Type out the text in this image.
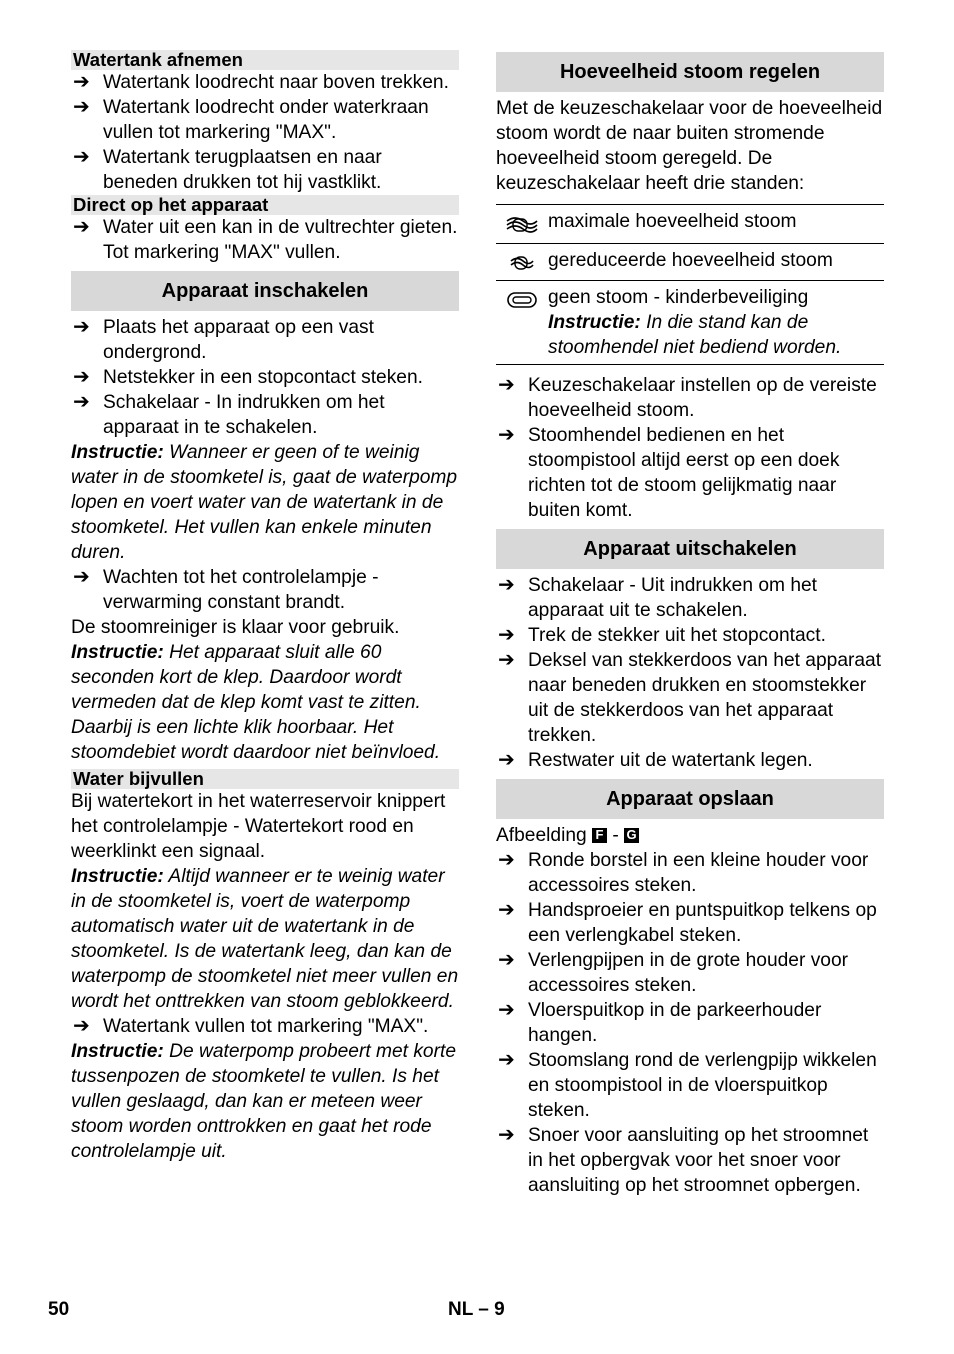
Watertank afnemen

➔ Watertank loodrecht naar boven trekken.

➔ Watertank loodrecht onder waterkraan vullen tot markering "MAX".

➔ Watertank terugplaatsen en naar beneden drukken tot hij vastklikt.

Direct op het apparaat

➔ Water uit een kan in de vultrechter gieten. Tot markering "MAX" vullen.

Apparaat inschakelen

➔ Plaats het apparaat op een vast ondergrond.

➔ Netstekker in een stopcontact steken.

➔ Schakelaar - In indrukken om het apparaat in te schakelen.

Instructie: Wanneer er geen of te weinig water in de stoomketel is, gaat de waterpomp lopen en voert water van de watertank in de stoomketel. Het vullen kan enkele minuten duren.

➔ Wachten tot het controlelampje - verwarming constant brandt.

De stoomreiniger is klaar voor gebruik.

Instructie: Het apparaat sluit alle 60 seconden kort de klep. Daardoor wordt vermeden dat de klep komt vast te zitten. Daarbij is een lichte klik hoorbaar. Het stoomdebiet wordt daardoor niet beïnvloed.

Water bijvullen

Bij watertekort in het waterreservoir knippert het controlelampje - Watertekort rood en weerklinkt een signaal.

Instructie: Altijd wanneer er te weinig water in de stoomketel is, voert de waterpomp automatisch water uit de watertank in de stoomketel. Is de watertank leeg, dan kan de waterpomp de stoomketel niet meer vullen en wordt het onttrekken van stoom geblokkeerd.

➔ Watertank vullen tot markering "MAX".

Instructie: De waterpomp probeert met korte tussenpozen de stoomketel te vullen. Is het vullen geslaagd, dan kan er meteen weer stoom worden onttrokken en gaat het rode controlelampje uit.

Hoeveelheid stoom regelen

Met de keuzeschakelaar voor de hoeveelheid stoom wordt de naar buiten stromende hoeveelheid stoom geregeld. De keuzeschakelaar heeft drie standen:

maximale hoeveelheid stoom
gereduceerde hoeveelheid stoom
geen stoom - kinderbeveiliging
Instructie: In die stand kan de stoomhendel niet bediend worden.

➔ Keuzeschakelaar instellen op de vereiste hoeveelheid stoom.

➔ Stoomhendel bedienen en het stoompistool altijd eerst op een doek richten tot de stoom gelijkmatig naar buiten komt.

Apparaat uitschakelen

➔ Schakelaar - Uit indrukken om het apparaat uit te schakelen.

➔ Trek de stekker uit het stopcontact.

➔ Deksel van stekkerdoos van het apparaat naar beneden drukken en stoomstekker uit de stekkerdoos van het apparaat trekken.

➔ Restwater uit de watertank legen.

Apparaat opslaan

Afbeelding F - G

➔ Ronde borstel in een kleine houder voor accessoires steken.

➔ Handsproeier en puntspuitkop telkens op een verlengkabel steken.

➔ Verlengpijpen in de grote houder voor accessoires steken.

➔ Vloerspuitkop in de parkeerhouder hangen.

➔ Stoomslang rond de verlengpijp wikkelen en stoompistool in de vloerspuitkop steken.

➔ Snoer voor aansluiting op het stroomnet in het opbergvak voor het snoer voor aansluiting op het stroomnet opbergen.

50	NL – 9
